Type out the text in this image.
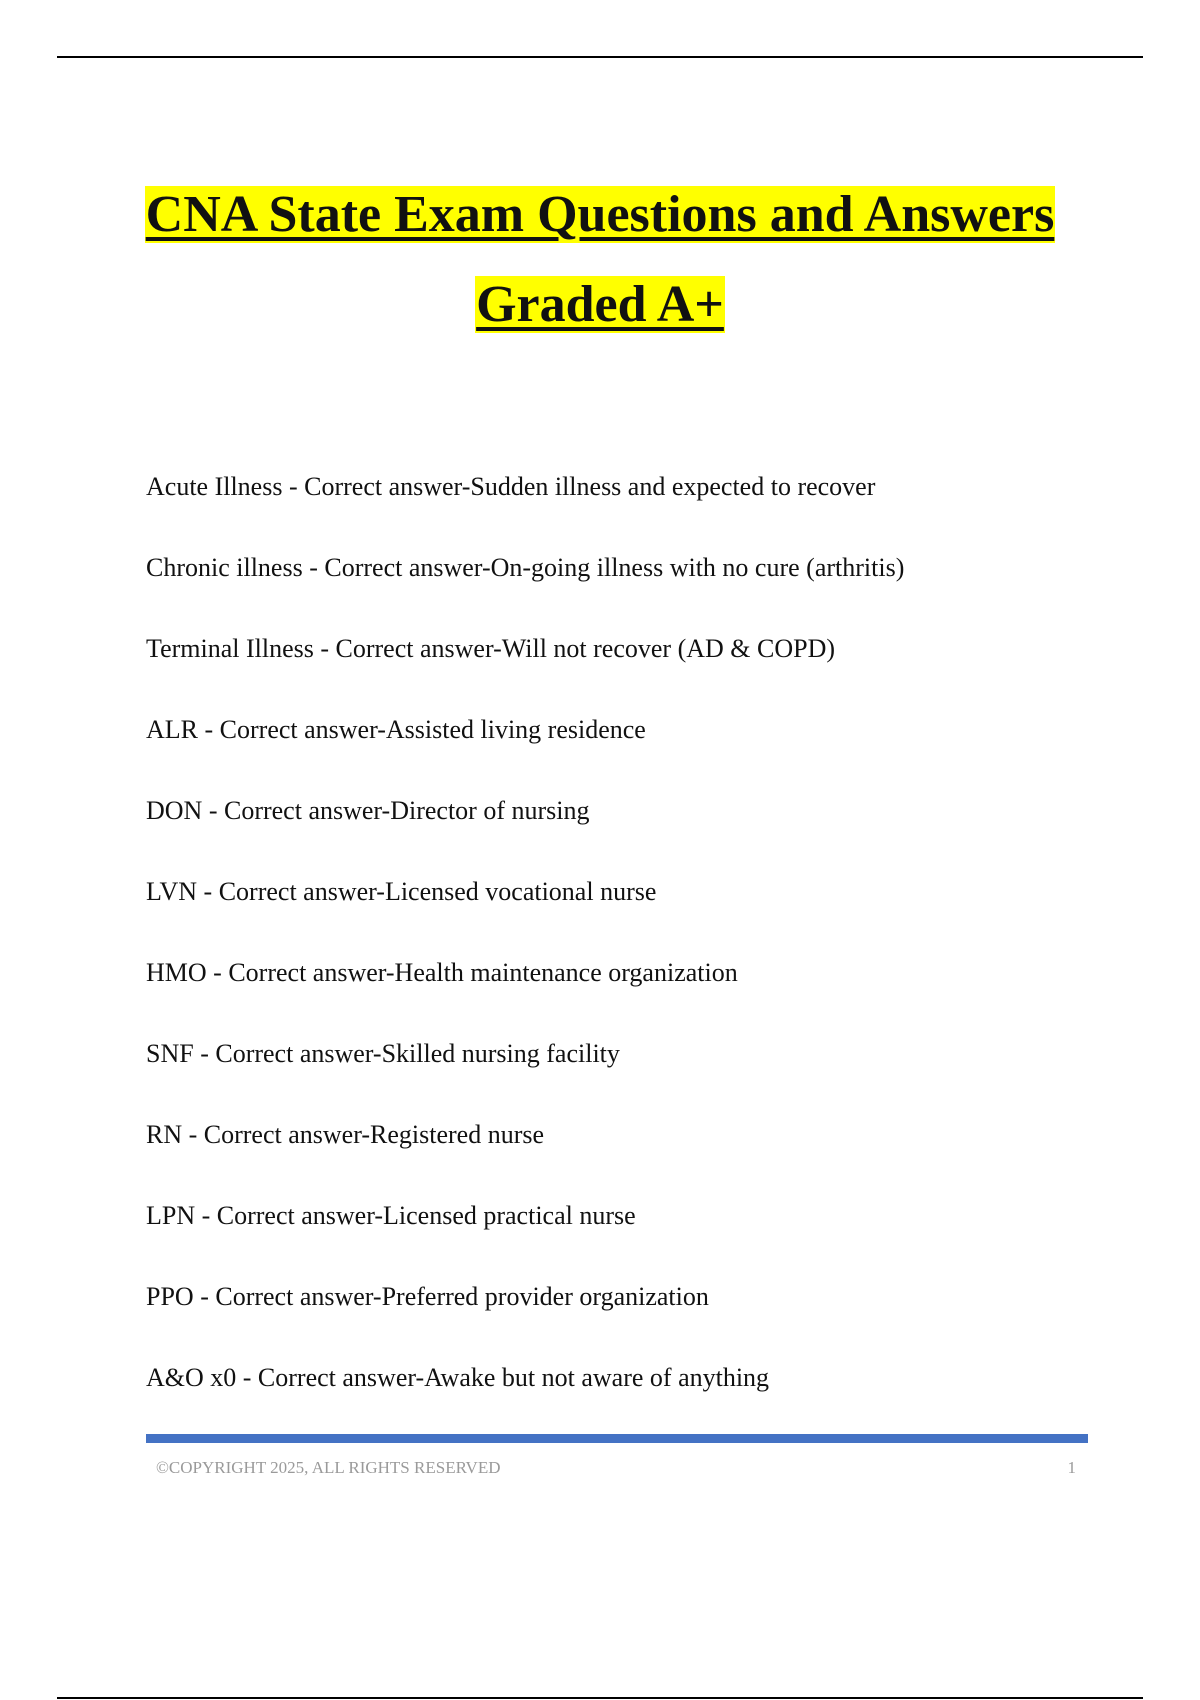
CNA State Exam Questions and Answers
Graded A+
Acute Illness - Correct answer-Sudden illness and expected to recover
Chronic illness - Correct answer-On-going illness with no cure (arthritis)
Terminal Illness - Correct answer-Will not recover (AD & COPD)
ALR - Correct answer-Assisted living residence
DON - Correct answer-Director of nursing
LVN - Correct answer-Licensed vocational nurse
HMO - Correct answer-Health maintenance organization
SNF - Correct answer-Skilled nursing facility
RN - Correct answer-Registered nurse
LPN - Correct answer-Licensed practical nurse
PPO - Correct answer-Preferred provider organization
A&O x0 - Correct answer-Awake but not aware of anything
©COPYRIGHT 2025, ALL RIGHTS RESERVED	1
